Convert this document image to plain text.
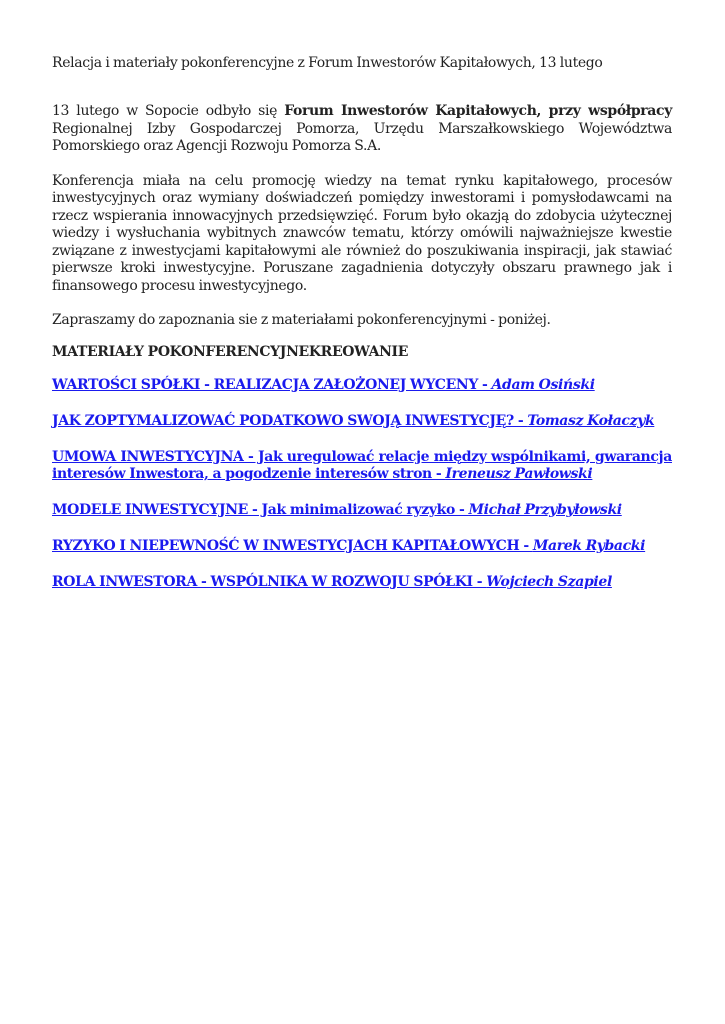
Relacja i materiały pokonferencyjne z Forum Inwestorów Kapitałowych, 13 lutego

13 lutego w Sopocie odbyło się Forum Inwestorów Kapitałowych, przy współpracy Regionalnej Izby Gospodarczej Pomorza, Urzędu Marszałkowskiego Województwa Pomorskiego oraz Agencji Rozwoju Pomorza S.A.

Konferencja miała na celu promocję wiedzy na temat rynku kapitałowego, procesów inwestycyjnych oraz wymiany doświadczeń pomiędzy inwestorami i pomysłodawcami na rzecz wspierania innowacyjnych przedsięwzięć. Forum było okazją do zdobycia użytecznej wiedzy i wysłuchania wybitnych znawców tematu, którzy omówili najważniejsze kwestie związane z inwestycjami kapitałowymi ale również do poszukiwania inspiracji, jak stawiać pierwsze kroki inwestycyjne. Poruszane zagadnienia dotyczyły obszaru prawnego jak i finansowego procesu inwestycyjnego.

Zapraszamy do zapoznania sie z materiałami pokonferencyjnymi - poniżej.

MATERIAŁY POKONFERENCYJNEKREOWANIE
WARTOŚCI SPÓŁKI - REALIZACJA ZAŁOŻONEJ WYCENY - Adam Osiński
JAK ZOPTYMALIZOWAĆ PODATKOWO SWOJĄ INWESTYCJĘ? - Tomasz Kołaczyk
UMOWA INWESTYCYJNA - Jak uregulować relacje między wspólnikami, gwarancja interesów Inwestora, a pogodzenie interesów stron - Ireneusz Pawłowski
MODELE INWESTYCYJNE - Jak minimalizować ryzyko - Michał Przybyłowski
RYZYKO I NIEPEWNOŚĆ W INWESTYCJACH KAPITAŁOWYCH - Marek Rybacki
ROLA INWESTORA - WSPÓLNIKA W ROZWOJU SPÓŁKI - Wojciech Szapiel
